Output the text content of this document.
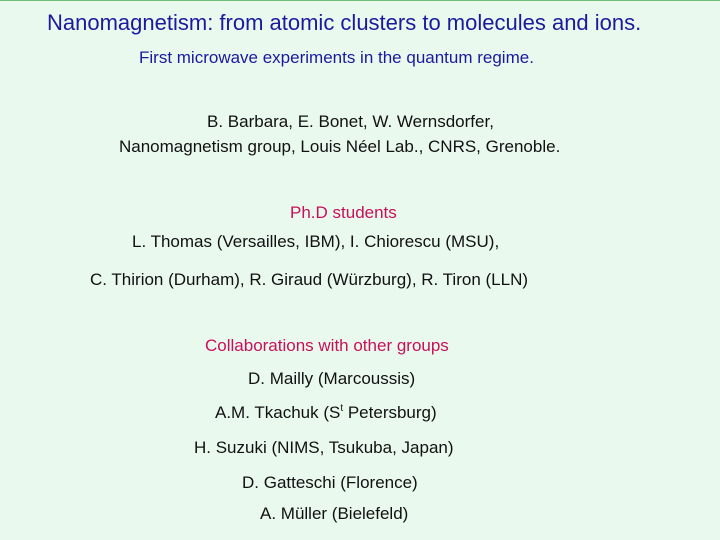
Nanomagnetism: from atomic clusters to molecules and ions.

First microwave experiments in the quantum regime.

B. Barbara, E. Bonet, W. Wernsdorfer,

Nanomagnetism group, Louis Néel Lab., CNRS, Grenoble.

Ph.D students

L. Thomas (Versailles, IBM), I. Chiorescu (MSU),

C. Thirion (Durham), R. Giraud (Würzburg), R. Tiron (LLN)

Collaborations with other groups

D. Mailly (Marcoussis)

A.M. Tkachuk ($S^t$ Petersburg)

H. Suzuki (NIMS, Tsukuba, Japan)

D. Gatteschi (Florence)

A. Müller (Bielefeld)
